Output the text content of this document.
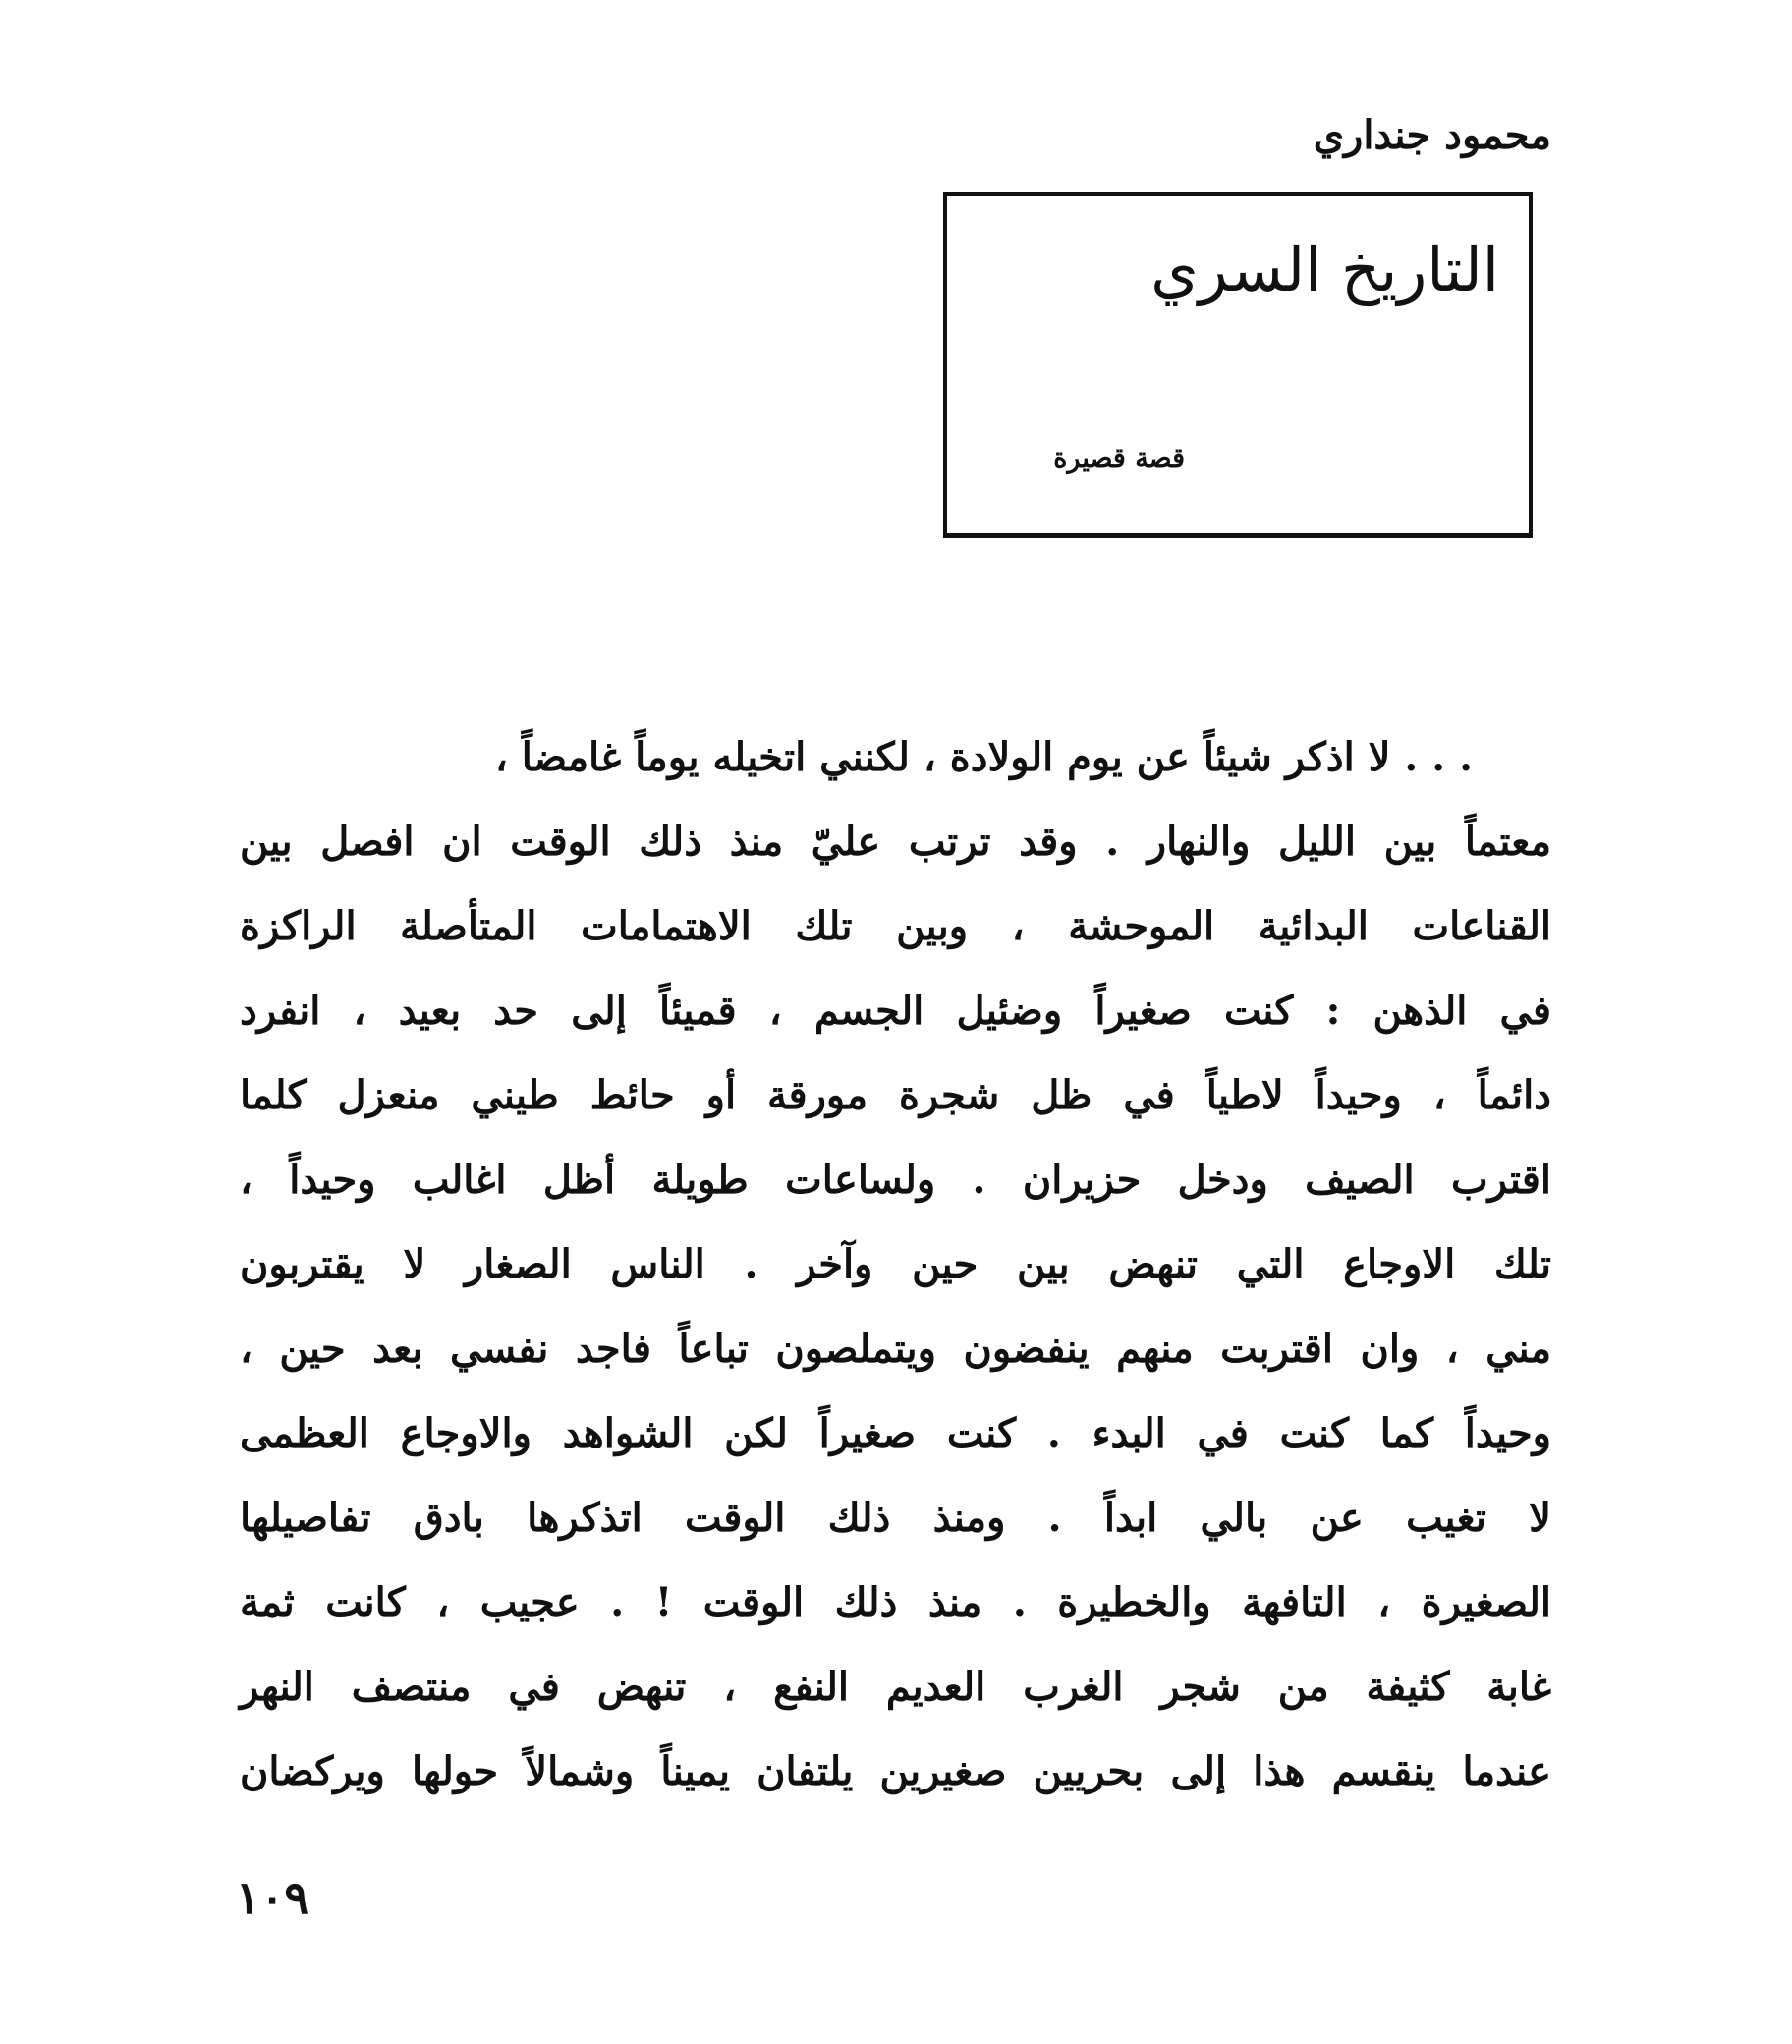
محمود جنداري
التاريخ السري
قصة قصيرة
. . . لا اذكر شيئاً عن يوم الولادة ، لكنني اتخيله يوماً غامضاً ،
معتماً بين الليل والنهار . وقد ترتب عليّ منذ ذلك الوقت ان افصل بين
القناعات البدائية الموحشة ، وبين تلك الاهتمامات المتأصلة الراكزة
في الذهن : كنت صغيراً وضئيل الجسم ، قميئاً إلى حد بعيد ، انفرد
دائماً ، وحيداً لاطياً في ظل شجرة مورقة أو حائط طيني منعزل كلما
اقترب الصيف ودخل حزيران . ولساعات طويلة أظل اغالب وحيداً ،
تلك الاوجاع التي تنهض بين حين وآخر . الناس الصغار لا يقتربون
مني ، وان اقتربت منهم ينفضون ويتملصون تباعاً فاجد نفسي بعد حين ،
وحيداً كما كنت في البدء . كنت صغيراً لكن الشواهد والاوجاع العظمى
لا تغيب عن بالي ابداً . ومنذ ذلك الوقت اتذكرها بادق تفاصيلها
الصغيرة ، التافهة والخطيرة . منذ ذلك الوقت ! . عجيب ، كانت ثمة
غابة كثيفة من شجر الغرب العديم النفع ، تنهض في منتصف النهر
عندما ينقسم هذا إلى بحريين صغيرين يلتفان يميناً وشمالاً حولها ويركضان
١٠٩
